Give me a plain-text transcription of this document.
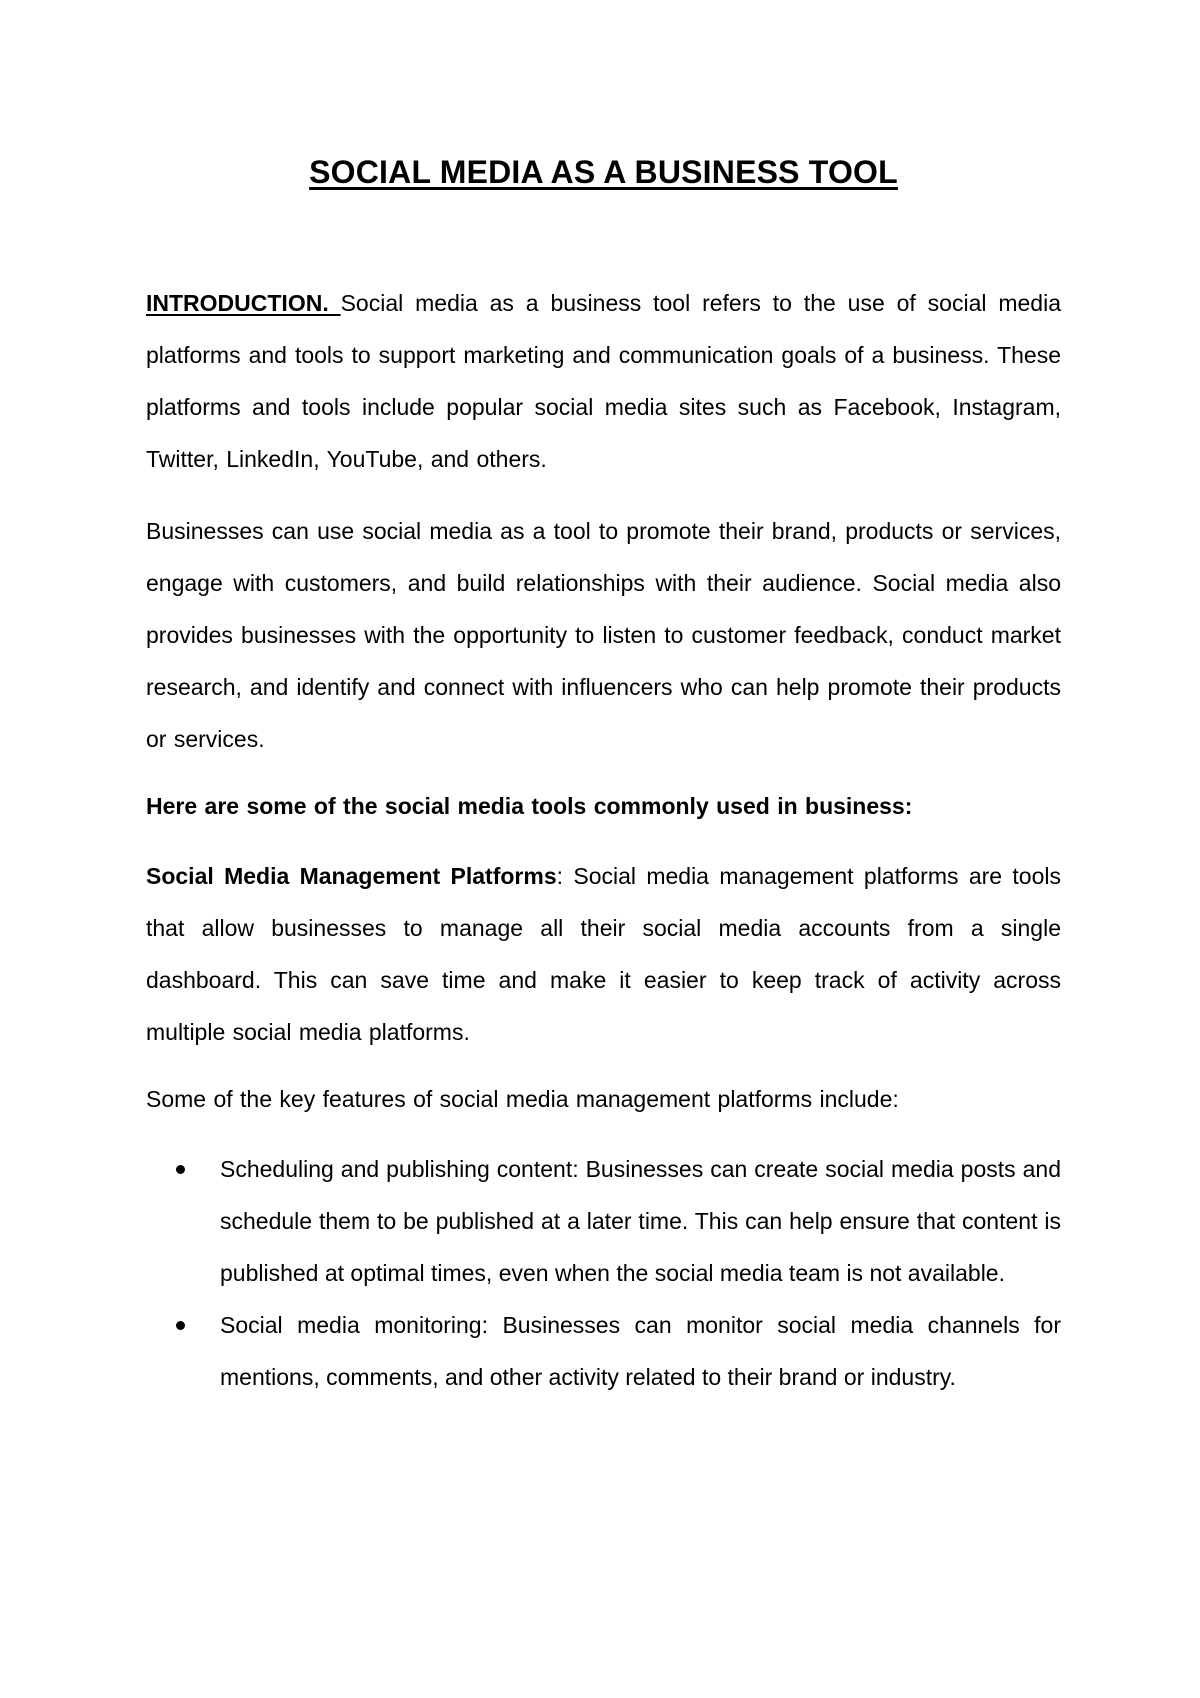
SOCIAL MEDIA AS A BUSINESS TOOL

INTRODUCTION. Social media as a business tool refers to the use of social media platforms and tools to support marketing and communication goals of a business. These platforms and tools include popular social media sites such as Facebook, Instagram, Twitter, LinkedIn, YouTube, and others.

Businesses can use social media as a tool to promote their brand, products or services, engage with customers, and build relationships with their audience. Social media also provides businesses with the opportunity to listen to customer feedback, conduct market research, and identify and connect with influencers who can help promote their products or services.

Here are some of the social media tools commonly used in business:

Social Media Management Platforms: Social media management platforms are tools that allow businesses to manage all their social media accounts from a single dashboard. This can save time and make it easier to keep track of activity across multiple social media platforms.

Some of the key features of social media management platforms include:

Scheduling and publishing content: Businesses can create social media posts and schedule them to be published at a later time. This can help ensure that content is published at optimal times, even when the social media team is not available.
Social media monitoring: Businesses can monitor social media channels for mentions, comments, and other activity related to their brand or industry.
